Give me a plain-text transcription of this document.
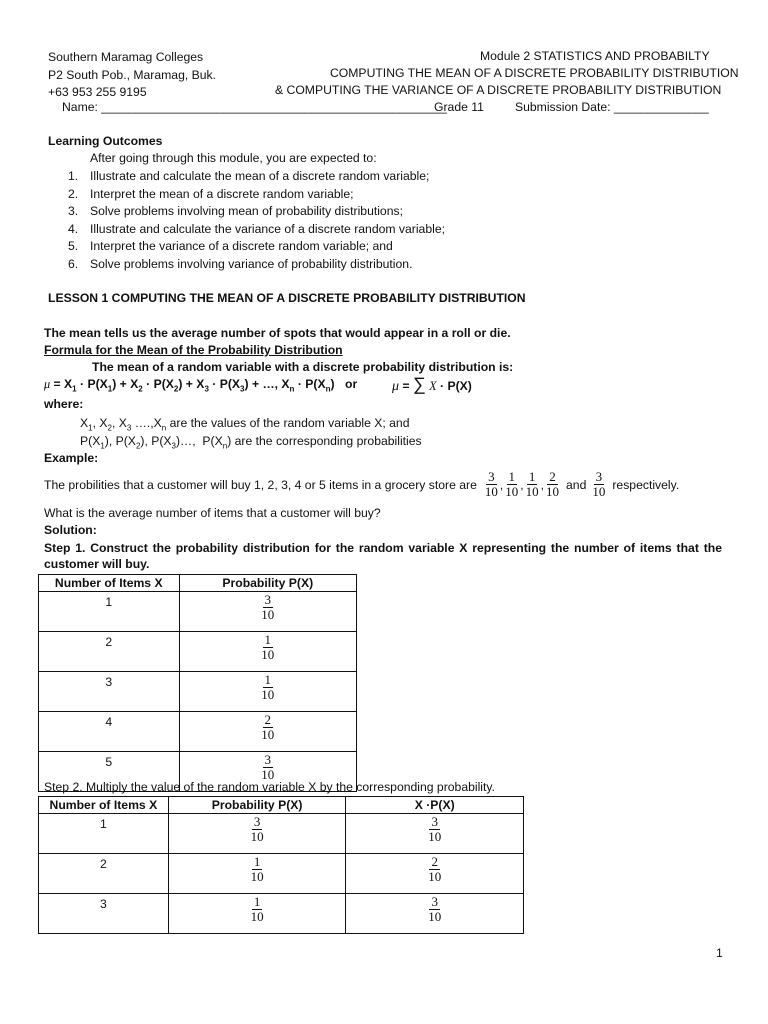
Southern Maramag Colleges
P2 South Pob., Maramag, Buk.
+63 953 255 9195
Name: ___________________________________________________
Module 2 STATISTICS AND PROBABILTY
COMPUTING THE MEAN OF A DISCRETE PROBABILITY DISTRIBUTION
& COMPUTING THE VARIANCE OF A DISCRETE PROBABILITY DISTRIBUTION
Grade 11	Submission Date: ______________
Learning Outcomes
After going through this module, you are expected to:
1. Illustrate and calculate the mean of a discrete random variable;
2. Interpret the mean of a discrete random variable;
3. Solve problems involving mean of probability distributions;
4. Illustrate and calculate the variance of a discrete random variable;
5. Interpret the variance of a discrete random variable; and
6. Solve problems involving variance of probability distribution.
LESSON 1 COMPUTING THE MEAN OF A DISCRETE PROBABILITY DISTRIBUTION
The mean tells us the average number of spots that would appear in a roll or die.
Formula for the Mean of the Probability Distribution
The mean of a random variable with a discrete probability distribution is:
$\mu = X_1 \cdot P(X_1) + X_2 \cdot P(X_2) + X_3 \cdot P(X_3)$ + …, $X_n \cdot P(X_n)$ or μ = ∑ X · P(X)
where:
$X_1$, $X_2$, $X_3$ $\dots.,X_n$ are the values of the random variable X; and
$P(X_1)$, $P(X_2)$, $P(X_3)\dots$,  $P(X_n)$ are the corresponding probabilities
Example:
The probilities that a customer will buy 1, 2, 3, 4 or 5 items in a grocery store are $\frac{3}{10}$ , $\frac{1}{10}$ , $\frac{1}{10}$ , $\frac{2}{10}$ and $\frac{3}{10}$ respectively.
What is the average number of items that a customer will buy?
Solution:
Step 1. Construct the probability distribution for the random variable X representing the number of items that the
customer will buy.
Number of Items X	Probability P(X)
1	$\frac{3}{10}$

2	$\frac{1}{10}$

3	$\frac{1}{10}$

4	$\frac{2}{10}$

5	$\frac{3}{10}$
Step 2. Multiply the value of the random variable X by the corresponding probability.
Number of Items X	Probability P(X)	X ·P(X)
1	$\frac{3}{10}$	$\frac{3}{10}$

2	$\frac{1}{10}$	$\frac{2}{10}$

3	$\frac{1}{10}$	$\frac{3}{10}$
1
